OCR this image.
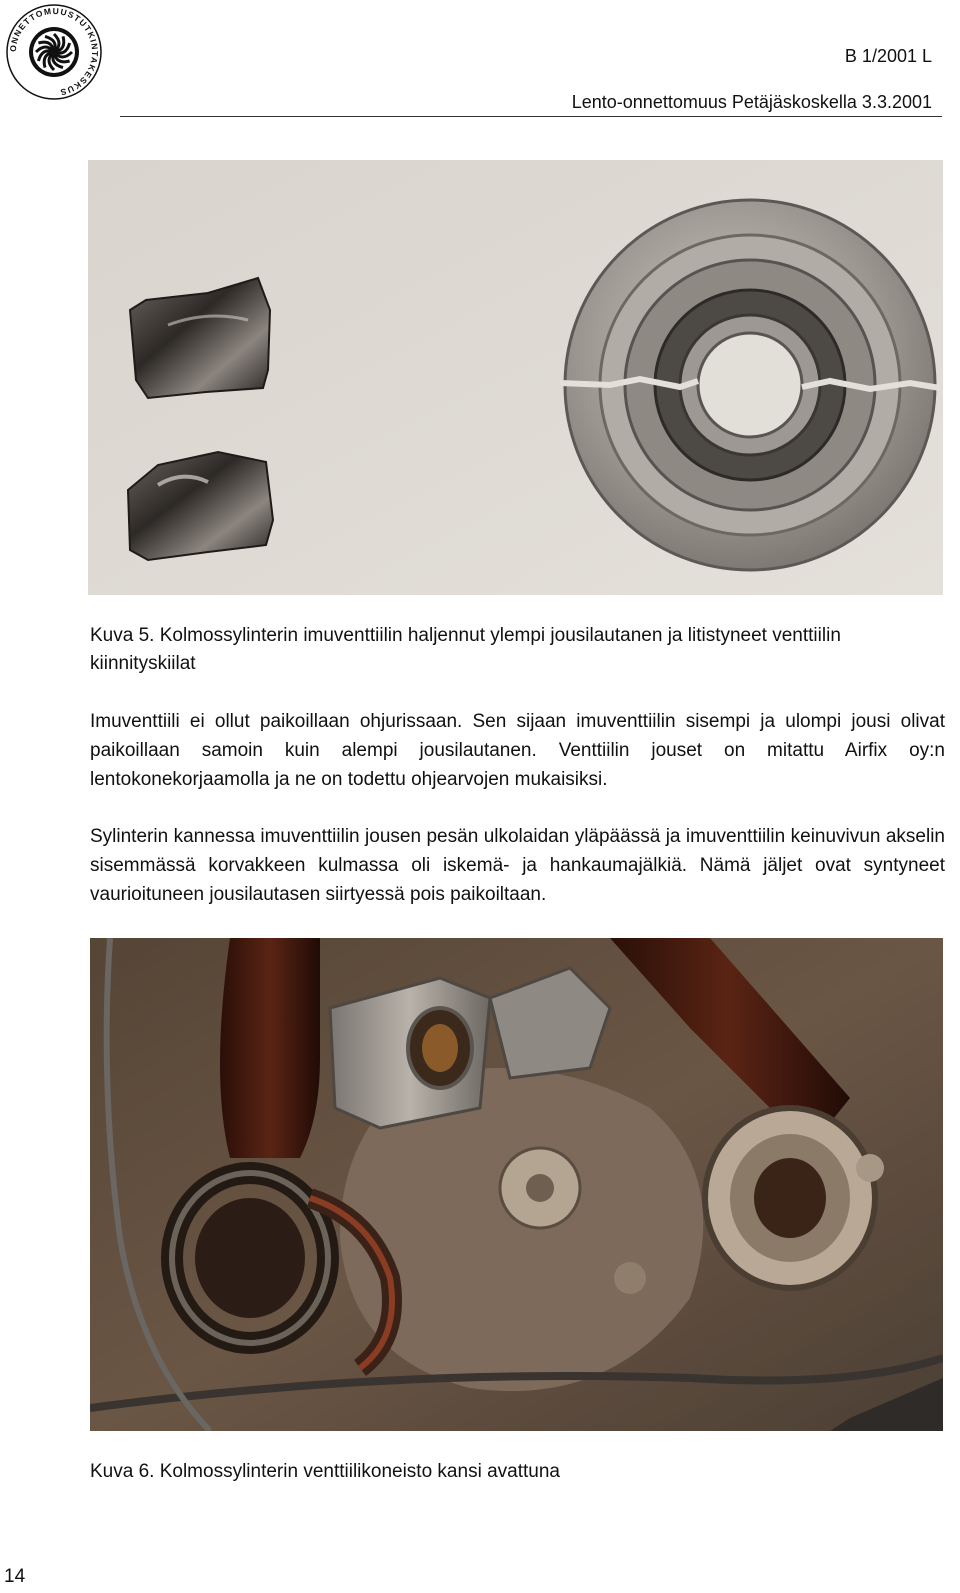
ONNETTOMUUSTUTKINTAKESKUS
B 1/2001 L
Lento-onnettomuus Petäjäskoskella 3.3.2001
Kuva 5. Kolmossylinterin imuventtiilin haljennut ylempi jousilautanen ja litistyneet venttiilin kiinnityskiilat
Imuventtiili ei ollut paikoillaan ohjurissaan. Sen sijaan imuventtiilin sisempi ja ulompi jousi olivat paikoillaan samoin kuin alempi jousilautanen. Venttiilin jouset on mitattu Airfix oy:n lentokonekorjaamolla ja ne on todettu ohjearvojen mukaisiksi.
Sylinterin kannessa imuventtiilin jousen pesän ulkolaidan yläpäässä ja imuventtiilin keinuvivun akselin sisemmässä korvakkeen kulmassa oli iskemä- ja hankaumajälkiä. Nämä jäljet ovat syntyneet vaurioituneen jousilautasen siirtyessä pois paikoiltaan.
Kuva 6. Kolmossylinterin venttiilikoneisto kansi avattuna
14
